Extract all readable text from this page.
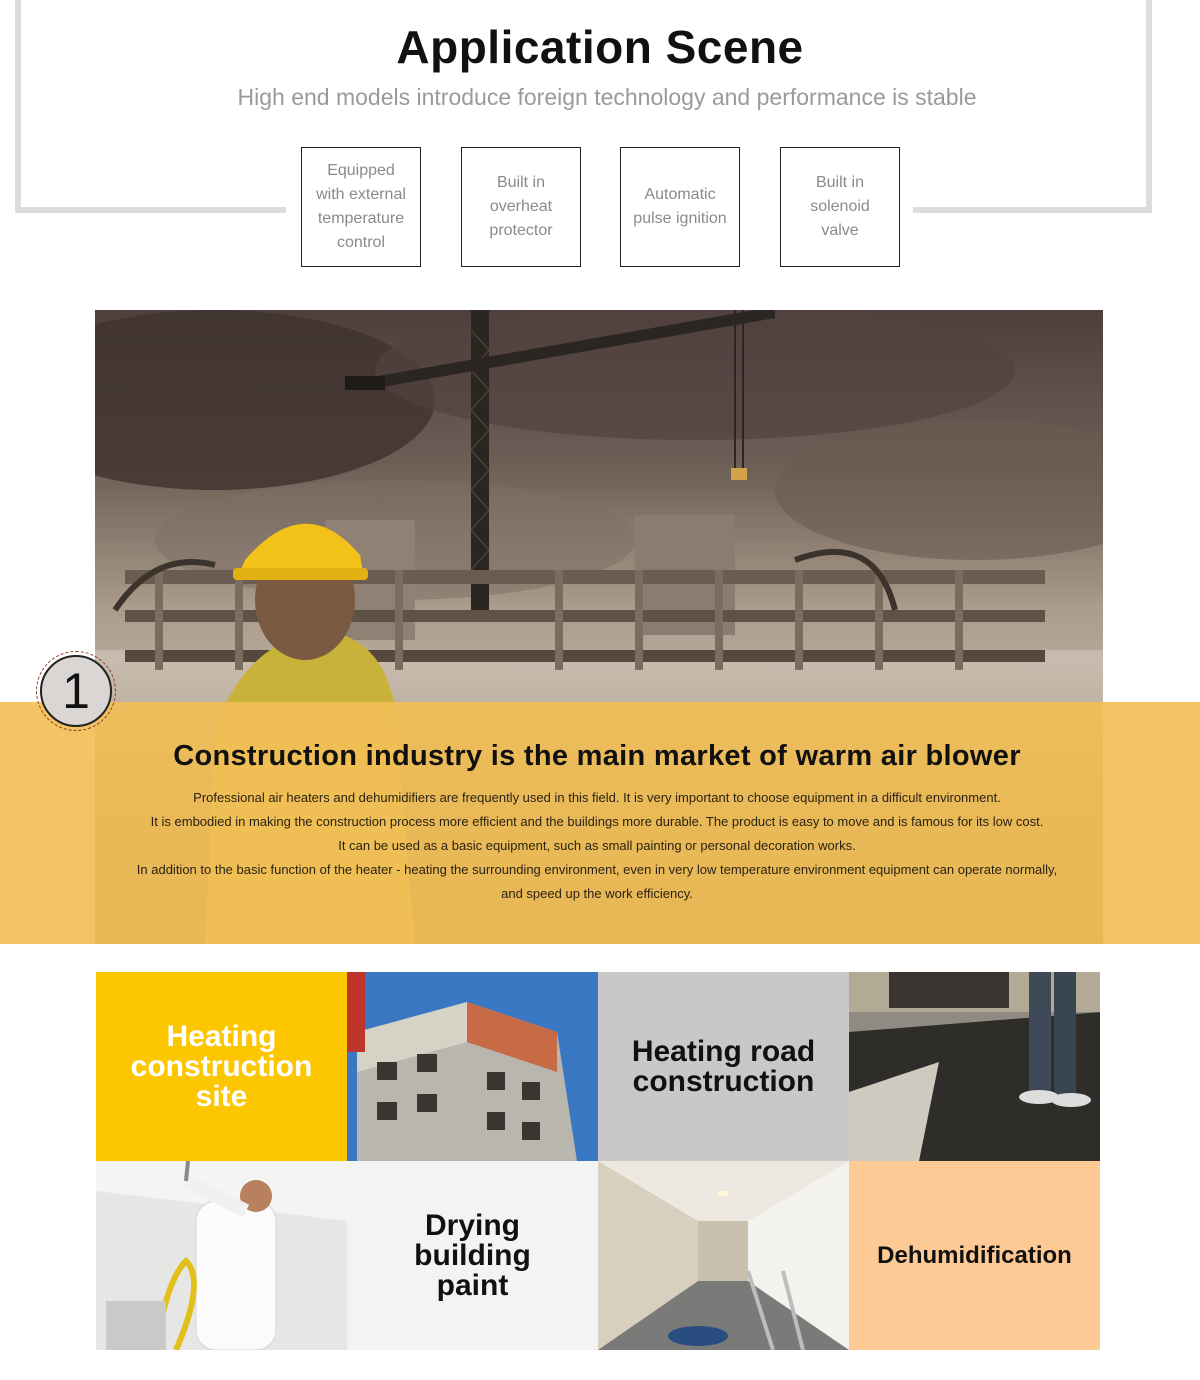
Application Scene
High end models introduce foreign technology and performance is stable
Equipped with external temperature control
Built in overheat protector
Automatic pulse ignition
Built in solenoid valve
1
Construction industry is the main market of warm air blower
Professional air heaters and dehumidifiers are frequently used in this field. It is very important to choose equipment in a difficult environment.
It is embodied in making the construction process more efficient and the buildings more durable. The product is easy to move and is famous for its low cost.
It can be used as a basic equipment, such as small painting or personal decoration works.
In addition to the basic function of the heater - heating the surrounding environment, even in very low temperature environment equipment can operate normally,
and speed up the work efficiency.
Heating construction site
Heating road construction
Drying building paint
Dehumidification
